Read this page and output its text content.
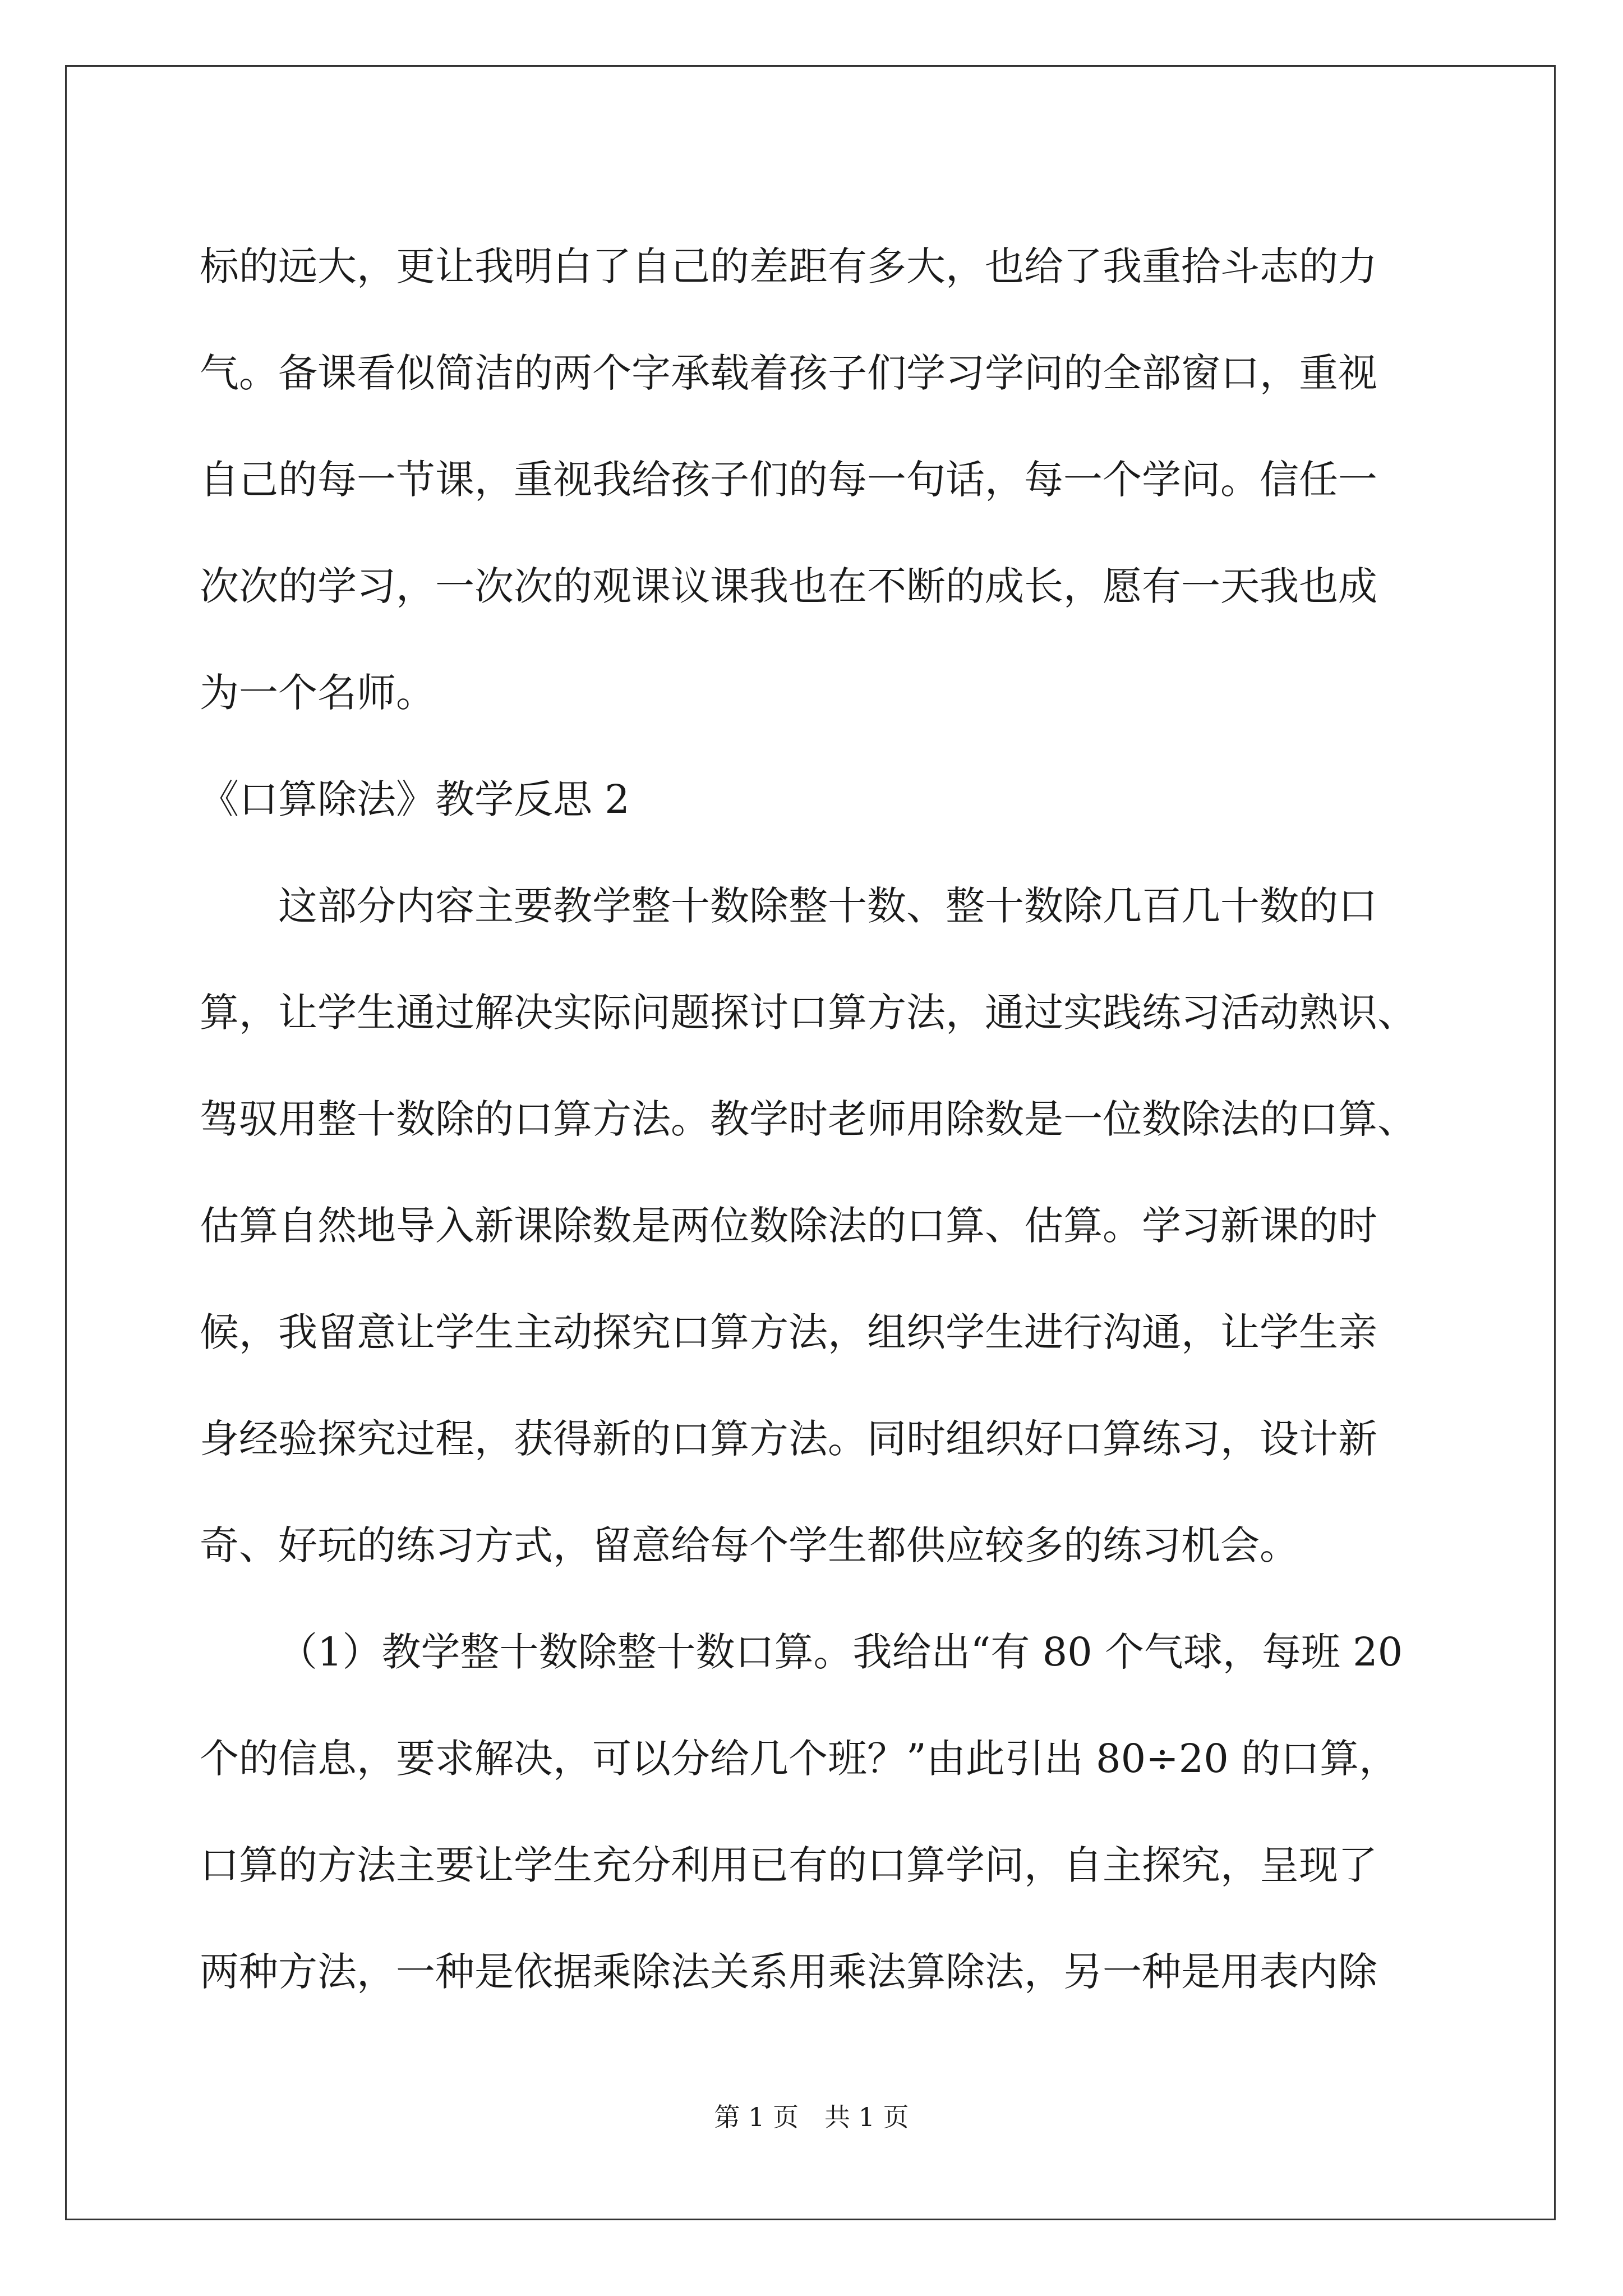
标的远大，更让我明白了自己的差距有多大，也给了我重拾斗志的力
气。备课看似简洁的两个字承载着孩子们学习学问的全部窗口，重视
自己的每一节课，重视我给孩子们的每一句话，每一个学问。信任一
次次的学习，一次次的观课议课我也在不断的成长，愿有一天我也成
为一个名师。
《口算除法》教学反思 2
这部分内容主要教学整十数除整十数、整十数除几百几十数的口
算，让学生通过解决实际问题探讨口算方法，通过实践练习活动熟识、
驾驭用整十数除的口算方法。教学时老师用除数是一位数除法的口算、
估算自然地导入新课除数是两位数除法的口算、估算。学习新课的时
候，我留意让学生主动探究口算方法，组织学生进行沟通，让学生亲
身经验探究过程，获得新的口算方法。同时组织好口算练习，设计新
奇、好玩的练习方式，留意给每个学生都供应较多的练习机会。
（1）教学整十数除整十数口算。我给出“有 80 个气球，每班 20
个的信息，要求解决，可以分给几个班？”由此引出 80÷20 的口算，
口算的方法主要让学生充分利用已有的口算学问，自主探究，呈现了
两种方法，一种是依据乘除法关系用乘法算除法，另一种是用表内除
第 1 页　共 1 页
